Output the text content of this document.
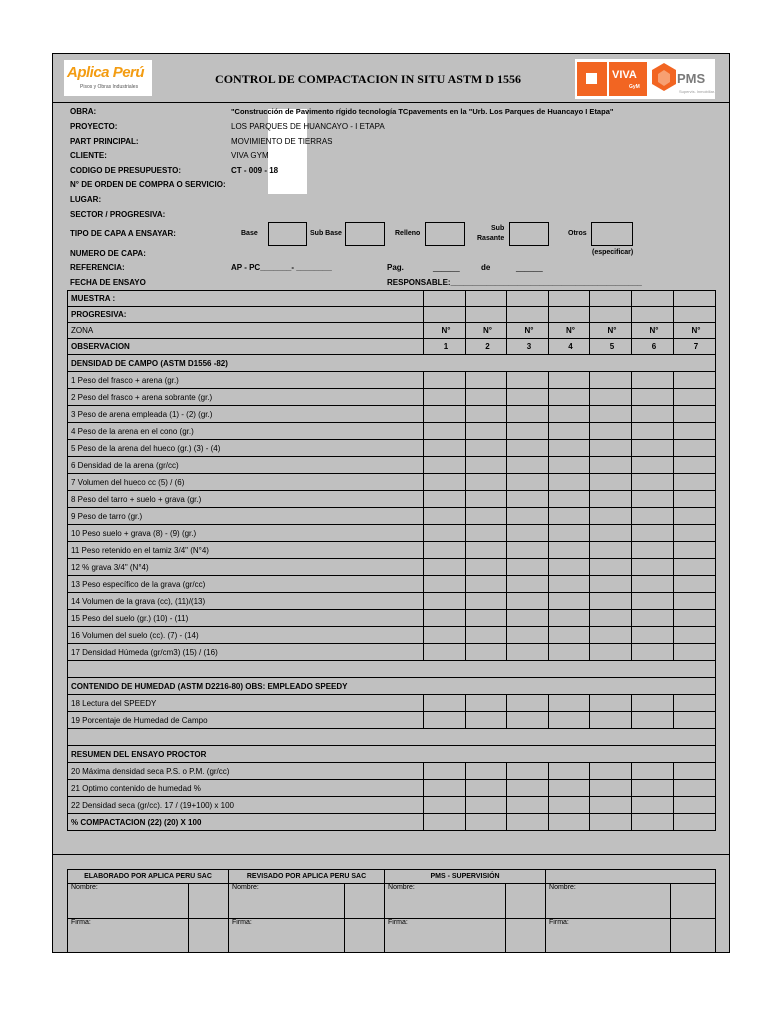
Aplica Perú
Pisos y Obras Industriales
CONTROL DE COMPACTACION IN SITU ASTM D 1556	VIVA
GyM
PMS
Supervis. Inmobiliar.
OBRA:	"Construcción de Pavimento rígido tecnología TCpavements en la "Urb. Los Parques de Huancayo I Etapa"
PROYECTO:	LOS PARQUES DE HUANCAYO - I ETAPA
PART PRINCIPAL:	MOVIMIENTO DE TIERRAS
CLIENTE:	VIVA GYM
CODIGO DE PRESUPUESTO:	CT - 009 - 18
N° DE ORDEN DE COMPRA O SERVICIO:
LUGAR:
SECTOR / PROGRESIVA:
TIPO DE CAPA A ENSAYAR:	Base	Sub Base	Relleno
Sub
Rasante
Otros
NUMERO DE CAPA:	(especificar)
REFERENCIA:	AP - PC_______- ________	Pag.	______	de	______
FECHA DE ENSAYO	RESPONSABLE:___________________________________________
MUESTRA :							
PROGRESIVA:							
ZONA	N°	N°	N°	N°	N°	N°	N°
OBSERVACION	1	2	3	4	5	6	7
DENSIDAD DE CAMPO (ASTM D1556 -82)							
1 Peso del frasco + arena (gr.)							
2 Peso del frasco + arena sobrante (gr.)							
3 Peso de arena empleada (1) - (2) (gr.)							
4 Peso de la arena en el cono (gr.)							
5 Peso de la arena del hueco (gr.) (3) - (4)							
6 Densidad de la arena (gr/cc)							
7 Volumen del hueco cc (5) / (6)							
8 Peso del tarro + suelo + grava (gr.)							
9 Peso de tarro (gr.)							
10 Peso suelo + grava (8) - (9) (gr.)							
11 Peso retenido en el tamiz 3/4" (N°4)							
12 % grava 3/4" (N°4)							
13 Peso específico de la grava (gr/cc)							
14 Volumen de la grava (cc), (11)/(13)							
15 Peso del suelo (gr.) (10) - (11)							
16 Volumen del suelo (cc). (7) - (14)							
17 Densidad Húmeda (gr/cm3) (15) / (16)							

CONTENIDO DE HUMEDAD (ASTM D2216-80) OBS: EMPLEADO SPEEDY							
18 Lectura del SPEEDY							
19 Porcentaje de Humedad de Campo							

RESUMEN DEL ENSAYO PROCTOR							
20 Máxima densidad seca P.S. o P.M. (gr/cc)							
21 Optimo contenido de humedad %							
22 Densidad seca (gr/cc). 17 / (19+100) x 100							
% COMPACTACION (22) (20) X 100							
ELABORADO POR APLICA PERU SAC		REVISADO POR APLICA PERU SAC		PMS - SUPERVISIÓN			
Nombre:		Nombre:		Nombre:		Nombre:	
Firma:		Firma:		Firma:		Firma:	
